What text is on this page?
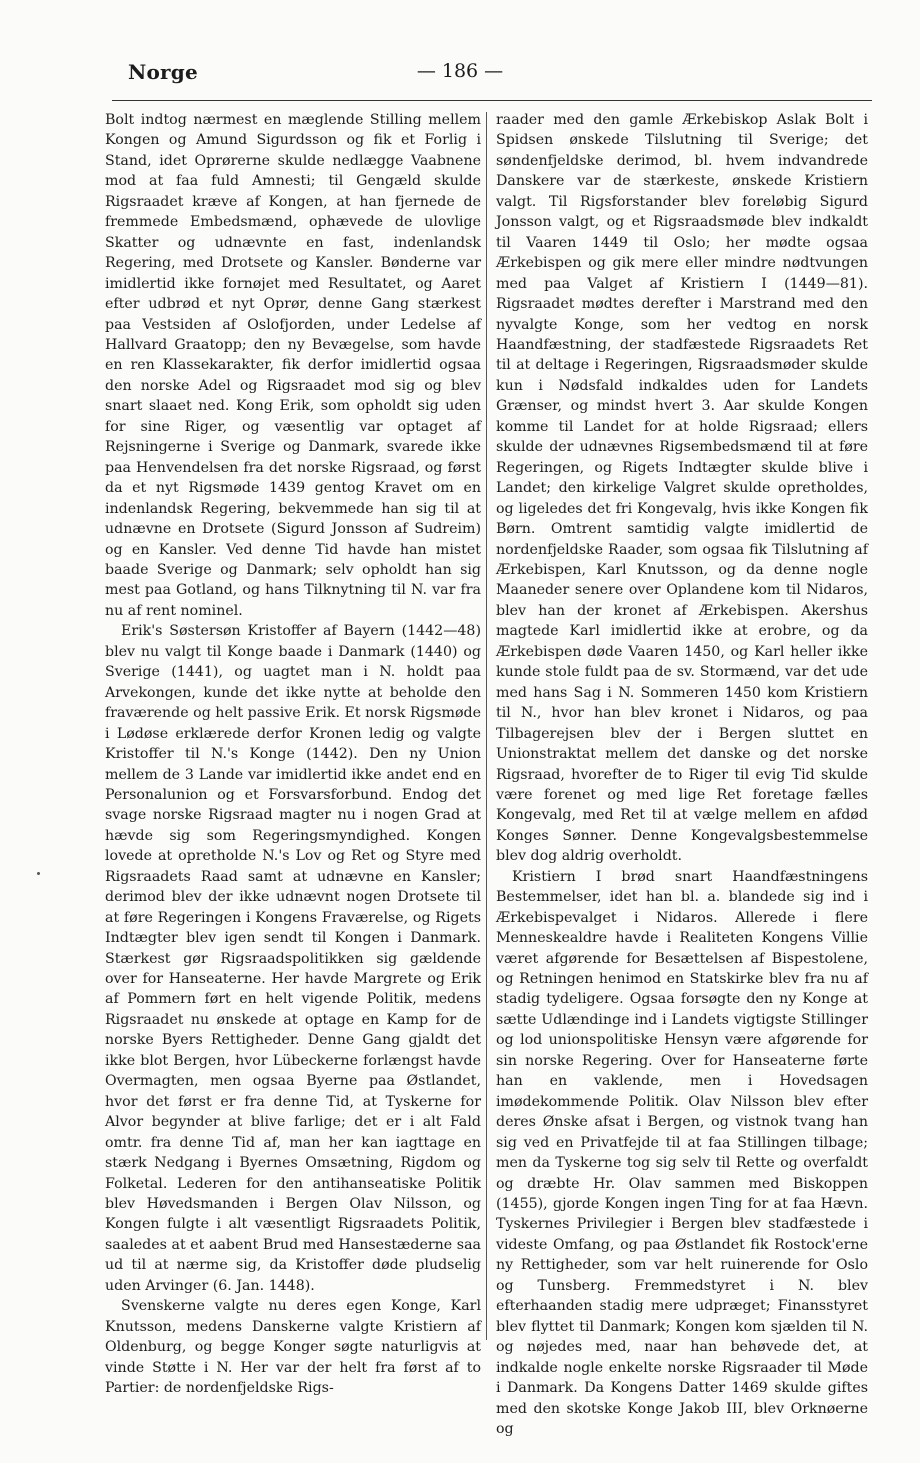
Norge	— 186 —

Bolt indtog nærmest en mæglende Stilling mellem Kongen og Amund Sigurdsson og fik et Forlig i Stand, idet Oprørerne skulde nedlægge Vaabnene mod at faa fuld Amnesti; til Gengæld skulde Rigsraadet kræve af Kongen, at han fjernede de fremmede Embedsmænd, ophævede de ulovlige Skatter og udnævnte en fast, indenlandsk Regering, med Drotsete og Kansler. Bønderne var imidlertid ikke fornøjet med Resultatet, og Aaret efter udbrød et nyt Oprør, denne Gang stærkest paa Vestsiden af Oslofjorden, under Ledelse af Hallvard Graatopp; den ny Bevægelse, som havde en ren Klassekarakter, fik derfor imidlertid ogsaa den norske Adel og Rigsraadet mod sig og blev snart slaaet ned. Kong Erik, som opholdt sig uden for sine Riger, og væsentlig var optaget af Rejsningerne i Sverige og Danmark, svarede ikke paa Henvendelsen fra det norske Rigsraad, og først da et nyt Rigsmøde 1439 gentog Kravet om en indenlandsk Regering, bekvemmede han sig til at udnævne en Drotsete (Sigurd Jonsson af Sudreim) og en Kansler. Ved denne Tid havde han mistet baade Sverige og Danmark; selv opholdt han sig mest paa Gotland, og hans Tilknytning til N. var fra nu af rent nominel.

Erik's Søstersøn Kristoffer af Bayern (1442—48) blev nu valgt til Konge baade i Danmark (1440) og Sverige (1441), og uagtet man i N. holdt paa Arvekongen, kunde det ikke nytte at beholde den fraværende og helt passive Erik. Et norsk Rigsmøde i Lødøse erklærede derfor Kronen ledig og valgte Kristoffer til N.'s Konge (1442). Den ny Union mellem de 3 Lande var imidlertid ikke andet end en Personalunion og et Forsvarsforbund. Endog det svage norske Rigsraad magter nu i nogen Grad at hævde sig som Regeringsmyndighed. Kongen lovede at opretholde N.'s Lov og Ret og Styre med Rigsraadets Raad samt at udnævne en Kansler; derimod blev der ikke udnævnt nogen Drotsete til at føre Regeringen i Kongens Fraværelse, og Rigets Indtægter blev igen sendt til Kongen i Danmark. Stærkest gør Rigsraadspolitikken sig gældende over for Hanseaterne. Her havde Margrete og Erik af Pommern ført en helt vigende Politik, medens Rigsraadet nu ønskede at optage en Kamp for de norske Byers Rettigheder. Denne Gang gjaldt det ikke blot Bergen, hvor Lübeckerne forlængst havde Overmagten, men ogsaa Byerne paa Østlandet, hvor det først er fra denne Tid, at Tyskerne for Alvor begynder at blive farlige; det er i alt Fald omtr. fra denne Tid af, man her kan iagttage en stærk Nedgang i Byernes Omsætning, Rigdom og Folketal. Lederen for den antihanseatiske Politik blev Høvedsmanden i Bergen Olav Nilsson, og Kongen fulgte i alt væsentligt Rigsraadets Politik, saaledes at et aabent Brud med Hansestæderne saa ud til at nærme sig, da Kristoffer døde pludselig uden Arvinger (6. Jan. 1448).

Svenskerne valgte nu deres egen Konge, Karl Knutsson, medens Danskerne valgte Kristiern af Oldenburg, og begge Konger søgte naturligvis at vinde Støtte i N. Her var der helt fra først af to Partier: de nordenfjeldske Rigs-

raader med den gamle Ærkebiskop Aslak Bolt i Spidsen ønskede Tilslutning til Sverige; det søndenfjeldske derimod, bl. hvem indvandrede Danskere var de stærkeste, ønskede Kristiern valgt. Til Rigsforstander blev foreløbig Sigurd Jonsson valgt, og et Rigsraadsmøde blev indkaldt til Vaaren 1449 til Oslo; her mødte ogsaa Ærkebispen og gik mere eller mindre nødtvungen med paa Valget af Kristiern I (1449—81). Rigsraadet mødtes derefter i Marstrand med den nyvalgte Konge, som her vedtog en norsk Haandfæstning, der stadfæstede Rigsraadets Ret til at deltage i Regeringen, Rigsraadsmøder skulde kun i Nødsfald indkaldes uden for Landets Grænser, og mindst hvert 3. Aar skulde Kongen komme til Landet for at holde Rigsraad; ellers skulde der udnævnes Rigsembedsmænd til at føre Regeringen, og Rigets Indtægter skulde blive i Landet; den kirkelige Valgret skulde opretholdes, og ligeledes det fri Kongevalg, hvis ikke Kongen fik Børn. Omtrent samtidig valgte imidlertid de nordenfjeldske Raader, som ogsaa fik Tilslutning af Ærkebispen, Karl Knutsson, og da denne nogle Maaneder senere over Oplandene kom til Nidaros, blev han der kronet af Ærkebispen. Akershus magtede Karl imidlertid ikke at erobre, og da Ærkebispen døde Vaaren 1450, og Karl heller ikke kunde stole fuldt paa de sv. Stormænd, var det ude med hans Sag i N. Sommeren 1450 kom Kristiern til N., hvor han blev kronet i Nidaros, og paa Tilbagerejsen blev der i Bergen sluttet en Unionstraktat mellem det danske og det norske Rigsraad, hvorefter de to Riger til evig Tid skulde være forenet og med lige Ret foretage fælles Kongevalg, med Ret til at vælge mellem en afdød Konges Sønner. Denne Kongevalgsbestemmelse blev dog aldrig overholdt.

Kristiern I brød snart Haandfæstningens Bestemmelser, idet han bl. a. blandede sig ind i Ærkebispevalget i Nidaros. Allerede i flere Menneskealdre havde i Realiteten Kongens Villie været afgørende for Besættelsen af Bispestolene, og Retningen henimod en Statskirke blev fra nu af stadig tydeligere. Ogsaa forsøgte den ny Konge at sætte Udlændinge ind i Landets vigtigste Stillinger og lod unionspolitiske Hensyn være afgørende for sin norske Regering. Over for Hanseaterne førte han en vaklende, men i Hovedsagen imødekommende Politik. Olav Nilsson blev efter deres Ønske afsat i Bergen, og vistnok tvang han sig ved en Privatfejde til at faa Stillingen tilbage; men da Tyskerne tog sig selv til Rette og overfaldt og dræbte Hr. Olav sammen med Biskoppen (1455), gjorde Kongen ingen Ting for at faa Hævn. Tyskernes Privilegier i Bergen blev stadfæstede i videste Omfang, og paa Østlandet fik Rostock'erne ny Rettigheder, som var helt ruinerende for Oslo og Tunsberg. Fremmedstyret i N. blev efterhaanden stadig mere udpræget; Finansstyret blev flyttet til Danmark; Kongen kom sjælden til N. og nøjedes med, naar han behøvede det, at indkalde nogle enkelte norske Rigsraader til Møde i Danmark. Da Kongens Datter 1469 skulde giftes med den skotske Konge Jakob III, blev Orknøerne og
